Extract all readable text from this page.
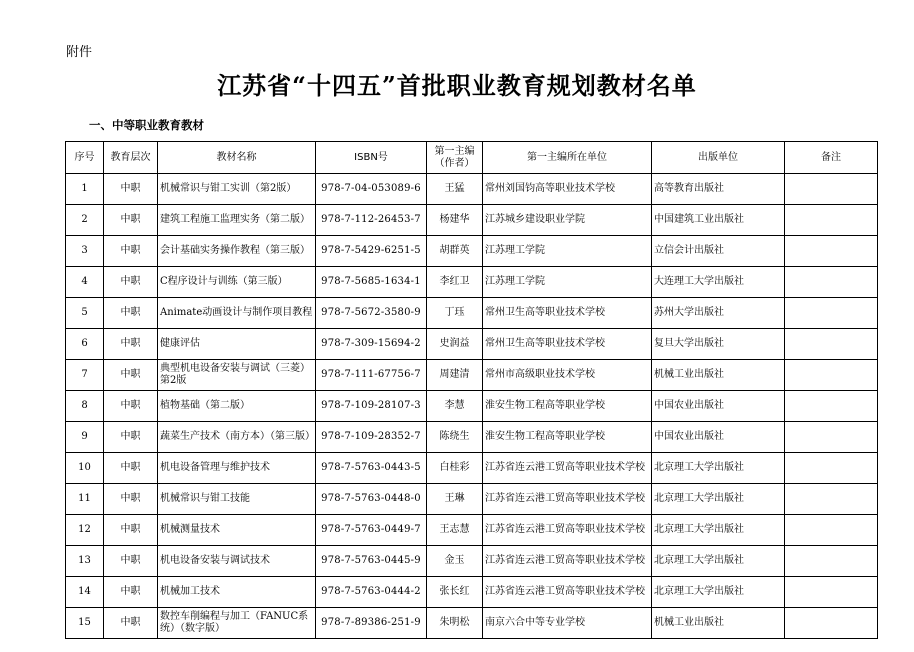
附件
江苏省“十四五”首批职业教育规划教材名单
一、中等职业教育教材
序号	教育层次	教材名称	ISBN号	第一主编（作者）	第一主编所在单位	出版单位	备注
1	中职	机械常识与钳工实训（第2版）	978-7-04-053089-6	王猛	常州刘国钧高等职业技术学校	高等教育出版社	
2	中职	建筑工程施工监理实务（第二版）	978-7-112-26453-7	杨建华	江苏城乡建设职业学院	中国建筑工业出版社	
3	中职	会计基础实务操作教程（第三版）	978-7-5429-6251-5	胡群英	江苏理工学院	立信会计出版社	
4	中职	C程序设计与训练（第三版）	978-7-5685-1634-1	李红卫	江苏理工学院	大连理工大学出版社	
5	中职	Animate动画设计与制作项目教程	978-7-5672-3580-9	丁珏	常州卫生高等职业技术学校	苏州大学出版社	
6	中职	健康评估	978-7-309-15694-2	史润益	常州卫生高等职业技术学校	复旦大学出版社	
7	中职	典型机电设备安装与调试（三菱）第2版	978-7-111-67756-7	周建清	常州市高级职业技术学校	机械工业出版社	
8	中职	植物基础（第二版）	978-7-109-28107-3	李慧	淮安生物工程高等职业学校	中国农业出版社	
9	中职	蔬菜生产技术（南方本）（第三版）	978-7-109-28352-7	陈绕生	淮安生物工程高等职业学校	中国农业出版社	
10	中职	机电设备管理与维护技术	978-7-5763-0443-5	白桂彩	江苏省连云港工贸高等职业技术学校	北京理工大学出版社	
11	中职	机械常识与钳工技能	978-7-5763-0448-0	王琳	江苏省连云港工贸高等职业技术学校	北京理工大学出版社	
12	中职	机械测量技术	978-7-5763-0449-7	王志慧	江苏省连云港工贸高等职业技术学校	北京理工大学出版社	
13	中职	机电设备安装与调试技术	978-7-5763-0445-9	金玉	江苏省连云港工贸高等职业技术学校	北京理工大学出版社	
14	中职	机械加工技术	978-7-5763-0444-2	张长红	江苏省连云港工贸高等职业技术学校	北京理工大学出版社	
15	中职	数控车削编程与加工（FANUC系统）（数字版）	978-7-89386-251-9	朱明松	南京六合中等专业学校	机械工业出版社	
